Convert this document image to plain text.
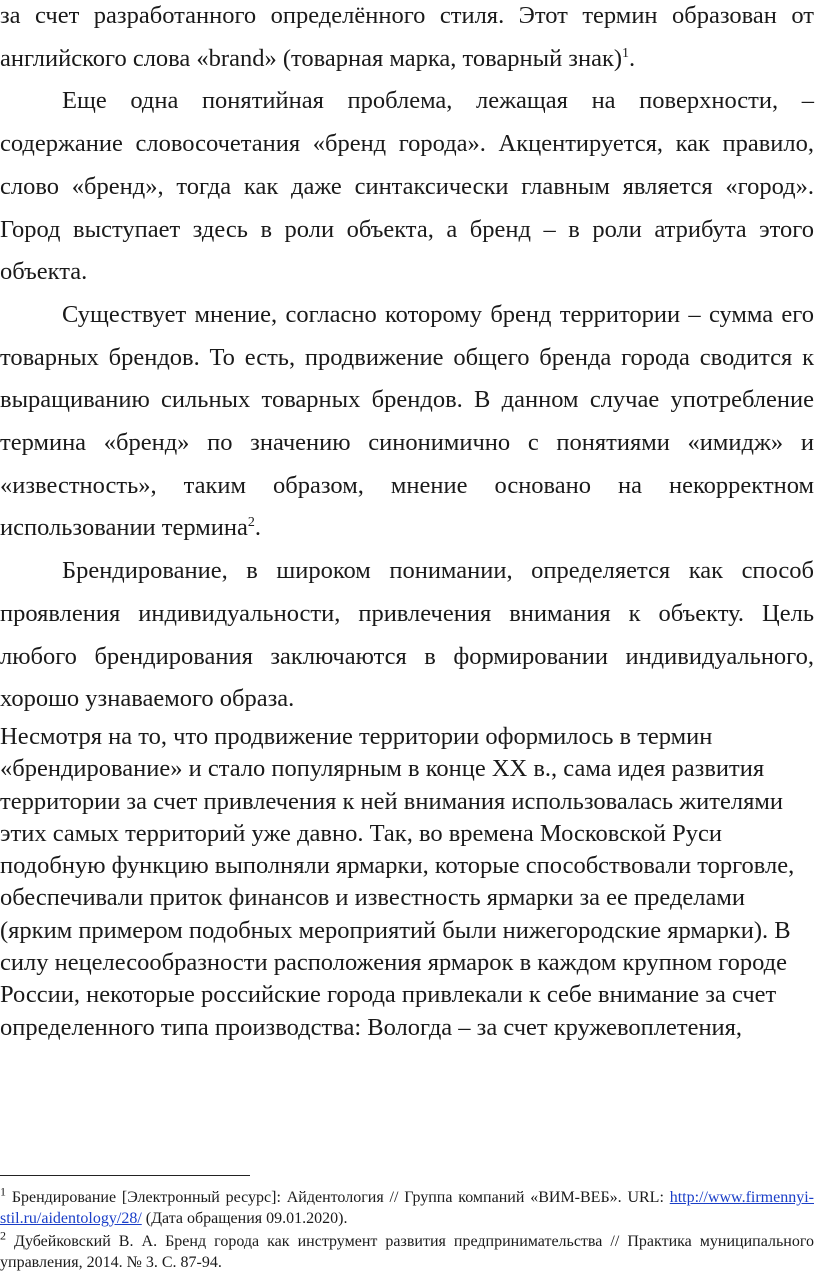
за счет разработанного определённого стиля. Этот термин образован от английского слова «brand» (товарная марка, товарный знак)$^1$.

Еще одна понятийная проблема, лежащая на поверхности, – содержание словосочетания «бренд города». Акцентируется, как правило, слово «бренд», тогда как даже синтаксически главным является «город». Город выступает здесь в роли объекта, а бренд – в роли атрибута этого объекта.

Существует мнение, согласно которому бренд территории – сумма его товарных брендов. То есть, продвижение общего бренда города сводится к выращиванию сильных товарных брендов. В данном случае употребление термина «бренд» по значению синонимично с понятиями «имидж» и «известность», таким образом, мнение основано на некорректном использовании термина$^2$.

Брендирование, в широком понимании, определяется как способ проявления индивидуальности, привлечения внимания к объекту. Цель любого брендирования заключаются в формировании индивидуального, хорошо узнаваемого образа.

Несмотря на то, что продвижение территории оформилось в термин «брендирование» и стало популярным в конце XX в., сама идея развития территории за счет привлечения к ней внимания использовалась жителями этих самых территорий уже давно. Так, во времена Московской Руси подобную функцию выполняли ярмарки, которые способствовали торговле, обеспечивали приток финансов и известность ярмарки за ее пределами (ярким примером подобных мероприятий были нижегородские ярмарки). В силу нецелесообразности расположения ярмарок в каждом крупном городе России, некоторые российские города привлекали к себе внимание за счет определенного типа производства: Вологда – за счет кружевоплетения,

$^1$ Брендирование [Электронный ресурс]: Айдентология // Группа компаний «ВИМ-ВЕБ». URL: http://www.firmennyi-stil.ru/aidentology/28/ (Дата обращения 09.01.2020).

$^2$ Дубейковский В. А. Бренд города как инструмент развития предпринимательства // Практика муниципального управления, 2014. № 3. С. 87-94.
